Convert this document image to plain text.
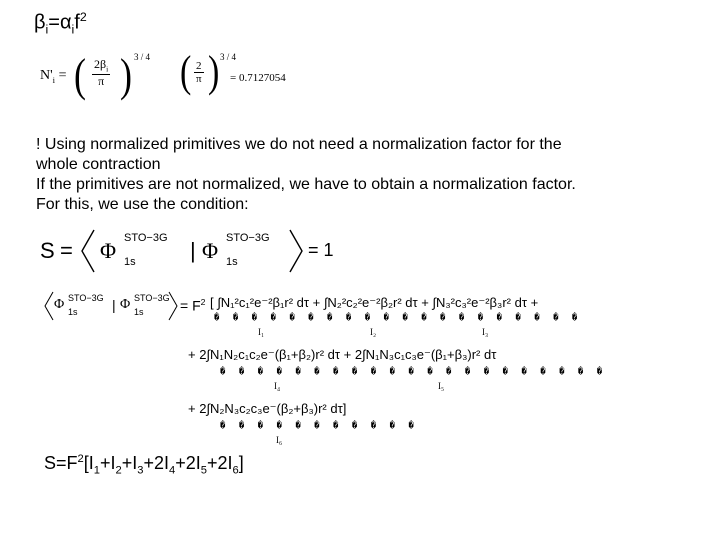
$\beta_i=\alpha_if^2$
$N'_i$ = ( $\frac{2\beta_i}{\pi}$ ) 3 / 4 ( $\frac{2}{\pi}$ ) 3 / 4
= 0.7127054
! Using normalized primitives we do not need a normalization factor for the
whole contraction
If the primitives are not normalized, we have to obtain a normalization factor.
For this, we use the condition:
S = Φ STO−3G
1s | Φ STO−3G
1s
= 1
Φ STO−3G
1s | Φ STO−3G
1s	= $F^2$ [ ∫N₁²c₁²e⁻²β₁r² dτ + ∫N₂²c₂²e⁻²β₂r² dτ + ∫N₃²c₃²e⁻²β₃r² dτ +
� � � � � � � � � � � � � � � � � � � �
I₁	I₂	I₃
+ 2∫N₁N₂c₁c₂e⁻(β₁+β₂)r² dτ + 2∫N₁N₃c₁c₃e⁻(β₁+β₃)r² dτ
� � � � � � � � � � � � � � � � � � � � �
I₄	I₅
+ 2∫N₂N₃c₂c₃e⁻(β₂+β₃)r² dτ]
� � � � � � � � � � �
I₆
$S=F^2[I_1+I_2+I_3+2I_4+2I_5+2I_6]$
